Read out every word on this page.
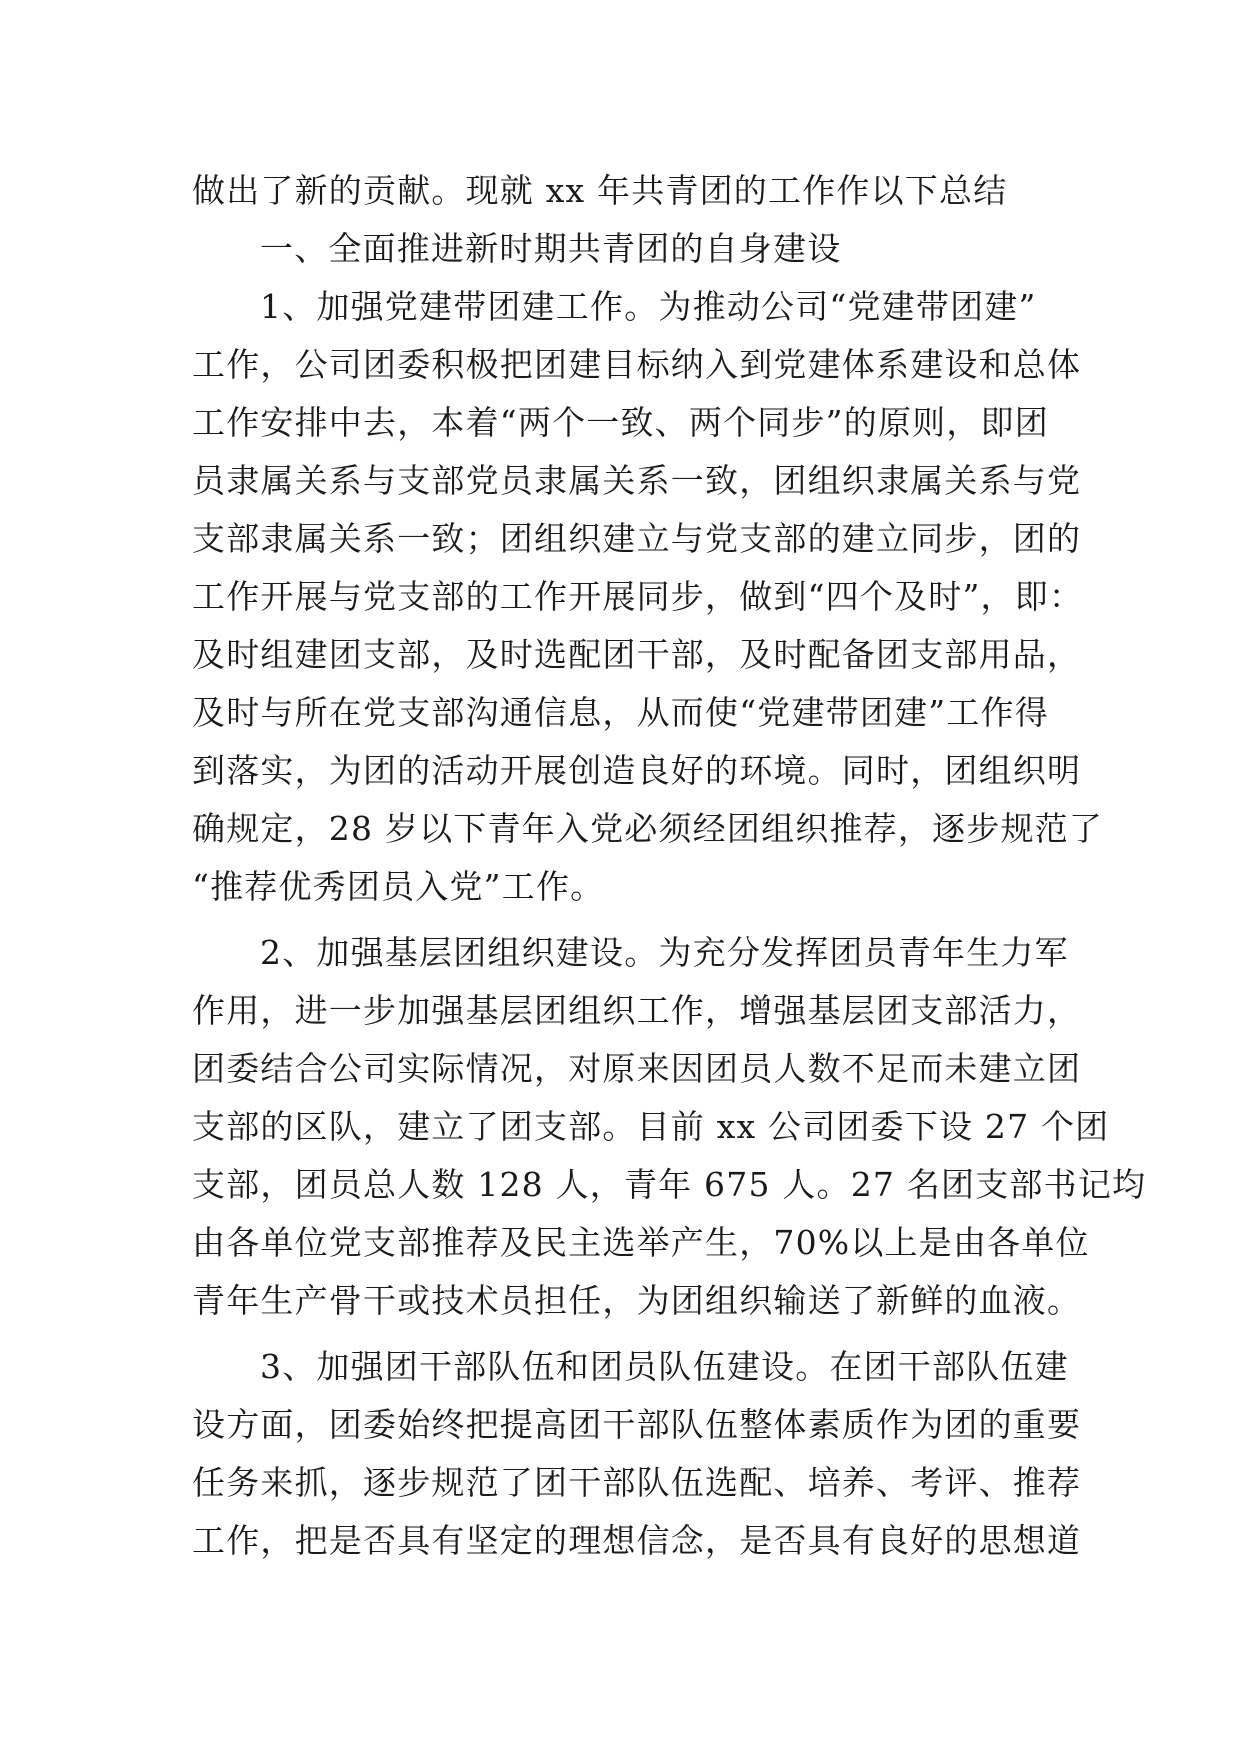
做出了新的贡献。现就 xx 年共青团的工作作以下总结
一、全面推进新时期共青团的自身建设
1、加强党建带团建工作。为推动公司“党建带团建”
工作，公司团委积极把团建目标纳入到党建体系建设和总体
工作安排中去，本着“两个一致、两个同步”的原则，即团
员隶属关系与支部党员隶属关系一致，团组织隶属关系与党
支部隶属关系一致；团组织建立与党支部的建立同步，团的
工作开展与党支部的工作开展同步，做到“四个及时”，即：
及时组建团支部，及时选配团干部，及时配备团支部用品，
及时与所在党支部沟通信息，从而使“党建带团建”工作得
到落实，为团的活动开展创造良好的环境。同时，团组织明
确规定，28 岁以下青年入党必须经团组织推荐，逐步规范了
“推荐优秀团员入党”工作。
2、加强基层团组织建设。为充分发挥团员青年生力军
作用，进一步加强基层团组织工作，增强基层团支部活力，
团委结合公司实际情况，对原来因团员人数不足而未建立团
支部的区队，建立了团支部。目前 xx 公司团委下设 27 个团
支部，团员总人数 128 人，青年 675 人。27 名团支部书记均
由各单位党支部推荐及民主选举产生，70%以上是由各单位
青年生产骨干或技术员担任，为团组织输送了新鲜的血液。
3、加强团干部队伍和团员队伍建设。在团干部队伍建
设方面，团委始终把提高团干部队伍整体素质作为团的重要
任务来抓，逐步规范了团干部队伍选配、培养、考评、推荐
工作，把是否具有坚定的理想信念，是否具有良好的思想道
